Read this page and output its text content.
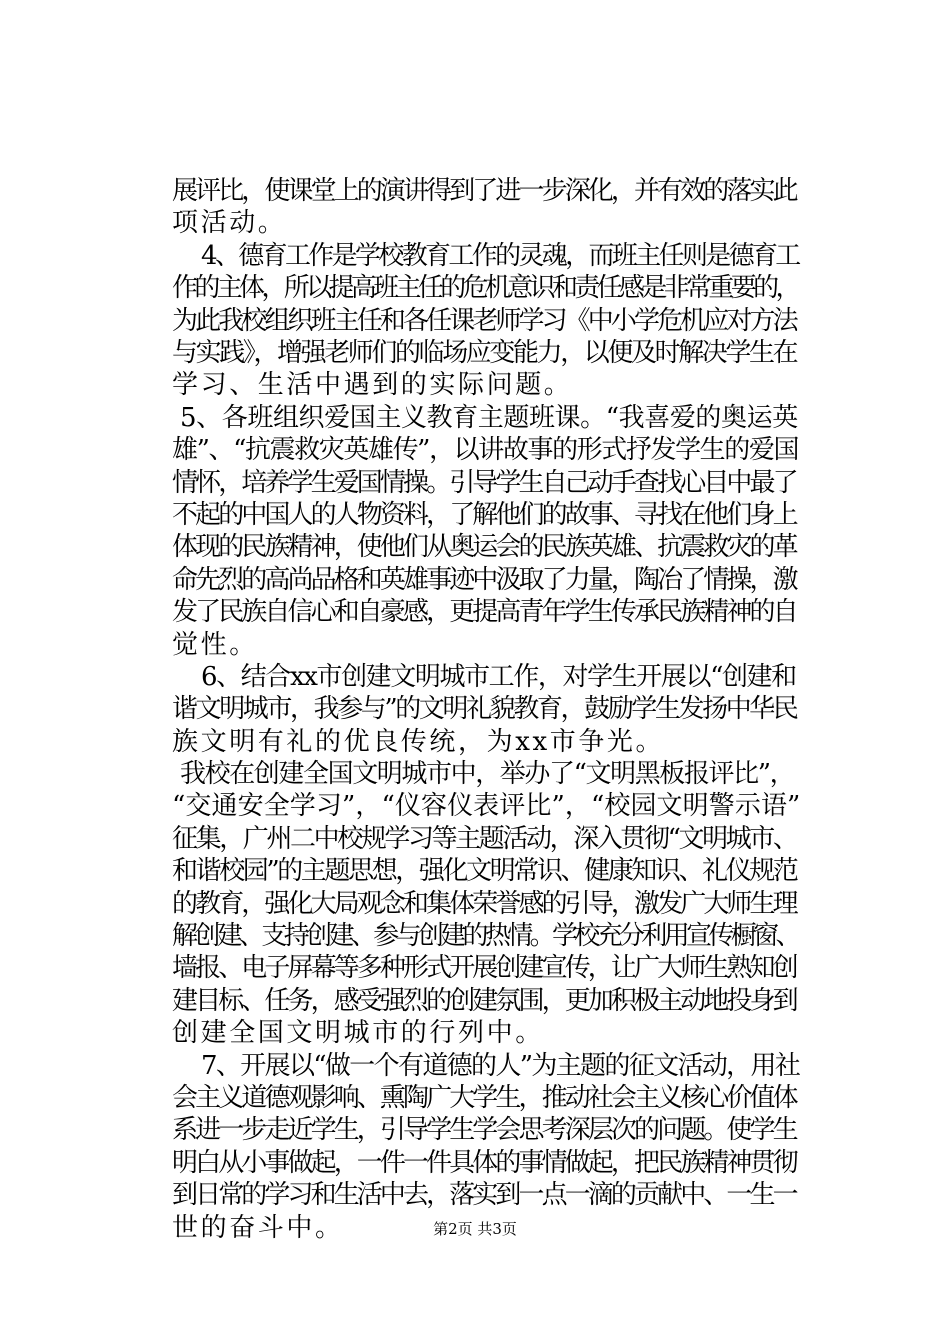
展评比，使课堂上的演讲得到了进一步深化，并有效的落实此
项活动。
4、德育工作是学校教育工作的灵魂，而班主任则是德育工
作的主体，所以提高班主任的危机意识和责任感是非常重要的，
为此我校组织班主任和各任课老师学习《中小学危机应对方法
与实践》，增强老师们的临场应变能力，以便及时解决学生在
学习、生活中遇到的实际问题。
5、各班组织爱国主义教育主题班课。“我喜爱的奥运英
雄”、“抗震救灾英雄传”，以讲故事的形式抒发学生的爱国
情怀，培养学生爱国情操。引导学生自己动手查找心目中最了
不起的中国人的人物资料，了解他们的故事、寻找在他们身上
体现的民族精神，使他们从奥运会的民族英雄、抗震救灾的革
命先烈的高尚品格和英雄事迹中汲取了力量，陶冶了情操，激
发了民族自信心和自豪感，更提高青年学生传承民族精神的自
觉性。
6、结合xx市创建文明城市工作，对学生开展以“创建和
谐文明城市，我参与”的文明礼貌教育，鼓励学生发扬中华民
族文明有礼的优良传统，为xx市争光。
我校在创建全国文明城市中，举办了“文明黑板报评比”，
“交通安全学习”，“仪容仪表评比”，“校园文明警示语”
征集，广州二中校规学习等主题活动，深入贯彻“文明城市、
和谐校园”的主题思想，强化文明常识、健康知识、礼仪规范
的教育，强化大局观念和集体荣誉感的引导，激发广大师生理
解创建、支持创建、参与创建的热情。学校充分利用宣传橱窗、
墙报、电子屏幕等多种形式开展创建宣传，让广大师生熟知创
建目标、任务，感受强烈的创建氛围，更加积极主动地投身到
创建全国文明城市的行列中。
7、开展以“做一个有道德的人”为主题的征文活动，用社
会主义道德观影响、熏陶广大学生，推动社会主义核心价值体
系进一步走近学生，引导学生学会思考深层次的问题。使学生
明白从小事做起，一件一件具体的事情做起，把民族精神贯彻
到日常的学习和生活中去，落实到一点一滴的贡献中、一生一
世的奋斗中。	第2页 共3页
